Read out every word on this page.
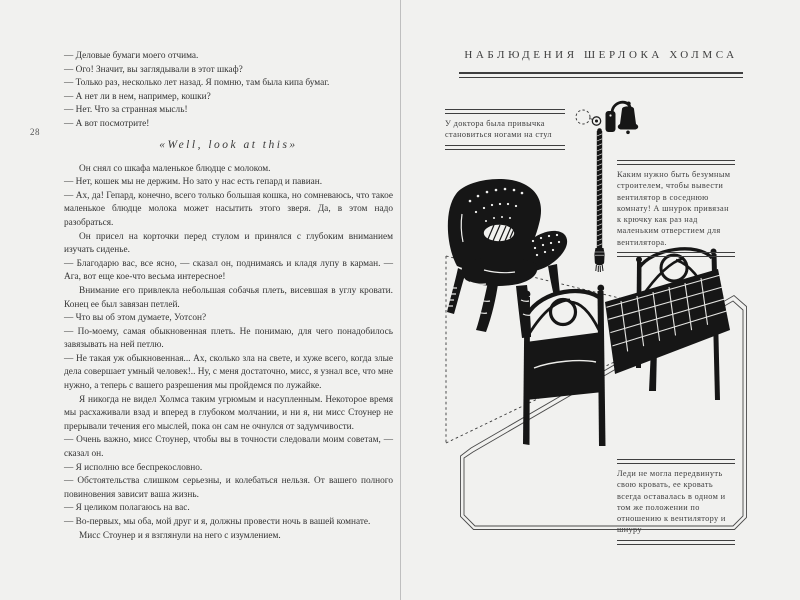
28

— Деловые бумаги моего отчима.

— Ого! Значит, вы заглядывали в этот шкаф?

— Только раз, несколько лет назад. Я помню, там была кипа бумаг.

— А нет ли в нем, например, кошки?

— Нет. Что за странная мысль!

— А вот посмотрите!

«Well, look at this»

Он снял со шкафа маленькое блюдце с молоком.

— Нет, кошек мы не держим. Но зато у нас есть гепард и павиан.

— Ах, да! Гепард, конечно, всего только большая кошка, но сомневаюсь, что такое маленькое блюдце молока может насытить этого зверя. Да, в этом надо разобраться.

Он присел на корточки перед стулом и принялся с глубоким вниманием изучать сиденье.

— Благодарю вас, все ясно, — сказал он, поднимаясь и кладя лупу в карман. — Ага, вот еще кое-что весьма интересное!

Внимание его привлекла небольшая собачья плеть, висевшая в углу кровати. Конец ее был завязан петлей.

— Что вы об этом думаете, Уотсон?

— По-моему, самая обыкновенная плеть. Не понимаю, для чего понадобилось завязывать на ней петлю.

— Не такая уж обыкновенная... Ах, сколько зла на свете, и хуже всего, когда злые дела совершает умный человек!.. Ну, с меня достаточно, мисс, я узнал все, что мне нужно, а теперь с вашего разрешения мы пройдемся по лужайке.

Я никогда не видел Холмса таким угрюмым и насупленным. Некоторое время мы расхаживали взад и вперед в глубоком молчании, и ни я, ни мисс Стоунер не прерывали течения его мыслей, пока он сам не очнулся от задумчивости.

— Очень важно, мисс Стоунер, чтобы вы в точности следовали моим советам, — сказал он.

— Я исполню все беспрекословно.

— Обстоятельства слишком серьезны, и колебаться нельзя. От вашего полного повиновения зависит ваша жизнь.

— Я целиком полагаюсь на вас.

— Во-первых, мы оба, мой друг и я, должны провести ночь в вашей комнате.

Мисс Стоунер и я взглянули на него с изумлением.

НАБЛЮДЕНИЯ ШЕРЛОКА ХОЛМСА
У доктора была привычка становиться ногами на стул
Каким нужно быть безумным строителем, чтобы вывести вентилятор в соседнюю комнату! А шнурок привязан к крючку как раз над маленьким отверстием для вентилятора.
Леди не могла передвинуть свою кровать, ее кровать всегда оставалась в одном и том же положении по отношению к вентилятору и шнуру
